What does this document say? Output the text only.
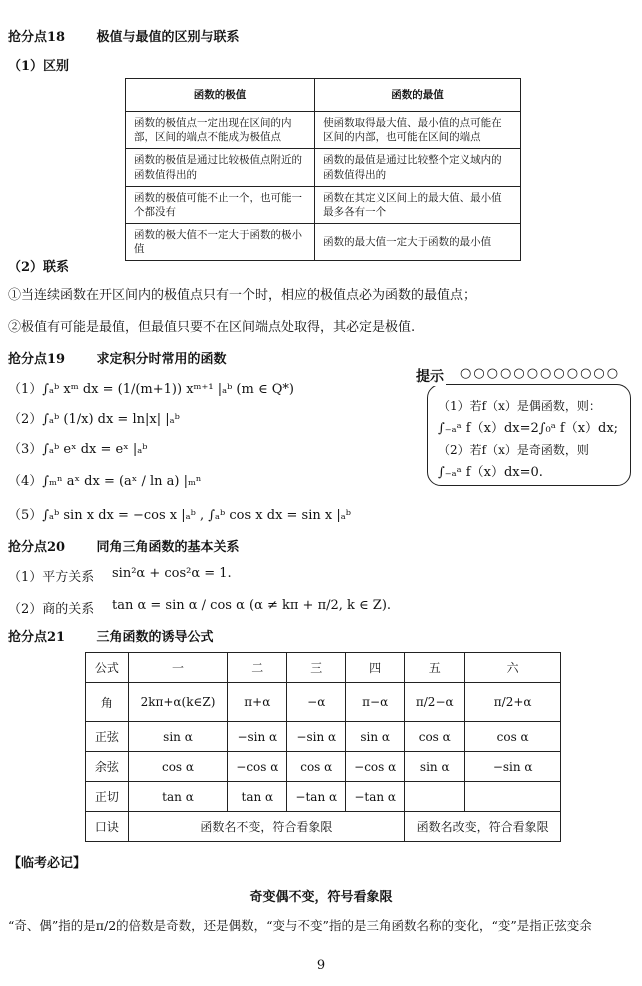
抢分点18 极值与最值的区别与联系
（1）区别
函数的极值	函数的最值
函数的极值点一定出现在区间的内部，区间的端点不能成为极值点	使函数取得最大值、最小值的点可能在区间的内部，也可能在区间的端点
函数的极值是通过比较极值点附近的函数值得出的	函数的最值是通过比较整个定义域内的函数值得出的
函数的极值可能不止一个，也可能一个都没有	函数在其定义区间上的最大值、最小值最多各有一个
函数的极大值不一定大于函数的极小值	函数的最大值一定大于函数的最小值
（2）联系
①当连续函数在开区间内的极值点只有一个时，相应的极值点必为函数的最值点；
②极值有可能是最值，但最值只要不在区间端点处取得，其必定是极值.
抢分点19 求定积分时常用的函数
（1）∫ₐᵇ xᵐ dx = (1/(m+1)) xᵐ⁺¹ |ₐᵇ (m ∈ Q*)
（2）∫ₐᵇ (1/x) dx = ln|x| |ₐᵇ
（3）∫ₐᵇ eˣ dx = eˣ |ₐᵇ
（4）∫ₘⁿ aˣ dx = (aˣ / ln a) |ₘⁿ
（5）∫ₐᵇ sin x dx = −cos x |ₐᵇ , ∫ₐᵇ cos x dx = sin x |ₐᵇ
（1）若f（x）是偶函数，则：
∫₋ₐᵃ f（x）dx=2∫₀ᵃ f（x）dx;
（2）若f（x）是奇函数，则
∫₋ₐᵃ f（x）dx=0.
提示 ○○○○○○○○○○○○
抢分点20 同角三角函数的基本关系
（1）平方关系 sin²α + cos²α = 1.
（2）商的关系 tan α = sin α / cos α (α ≠ kπ + π/2, k ∈ Z).
抢分点21 三角函数的诱导公式
公式	一	二	三	四	五	六
角	2kπ+α(k∈Z)	π+α	−α	π−α	π/2−α	π/2+α
正弦	sin α	−sin α	−sin α	sin α	cos α	cos α
余弦	cos α	−cos α	cos α	−cos α	sin α	−sin α
正切	tan α	tan α	−tan α	−tan α		
口诀	函数名不变，符合看象限				函数名改变，符合看象限	
【临考必记】
奇变偶不变，符号看象限
“奇、偶”指的是π/2的倍数是奇数，还是偶数，“变与不变”指的是三角函数名称的变化，“变”是指正弦变余
9
